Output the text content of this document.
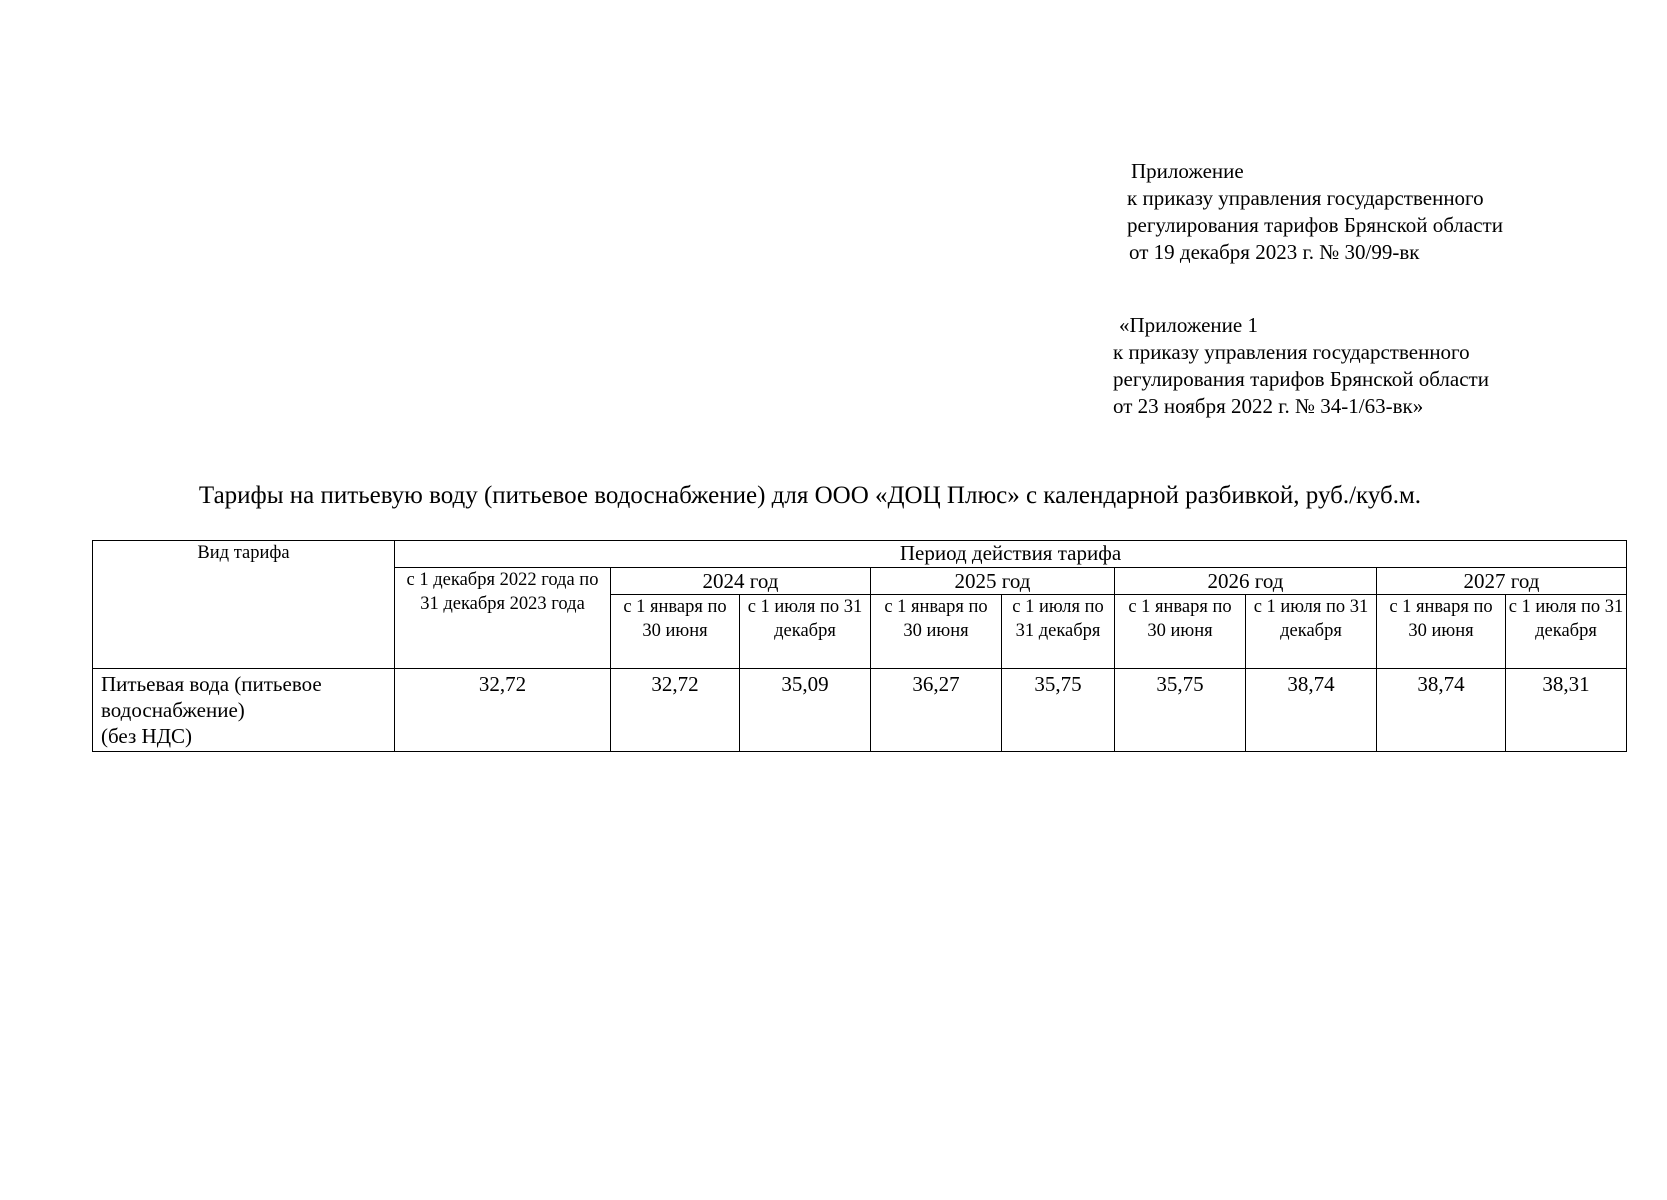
Приложение
к приказу управления государственного
регулирования тарифов Брянской области
от 19 декабря 2023 г. № 30/99-вк
«Приложение 1
к приказу управления государственного
регулирования тарифов Брянской области
от 23 ноября 2022 г. № 34-1/63-вк»
Тарифы на питьевую воду (питьевое водоснабжение) для ООО «ДОЦ Плюс» с календарной разбивкой, руб./куб.м.
Вид тарифа	Период действия тарифа								
	с 1 декабря 2022 года по 31 декабря 2023 года	2024 год		2025 год		2026 год		2027 год	
		с 1 января по 30 июня	с 1 июля по 31 декабря	с 1 января по 30 июня	с 1 июля по 31 декабря	с 1 января по 30 июня	с 1 июля по 31 декабря	с 1 января по 30 июня	с 1 июля по 31 декабря

Питьевая вода (питьевое
водоснабжение)
(без НДС)	32,72	32,72	35,09	36,27	35,75	35,75	38,74	38,74	38,31
